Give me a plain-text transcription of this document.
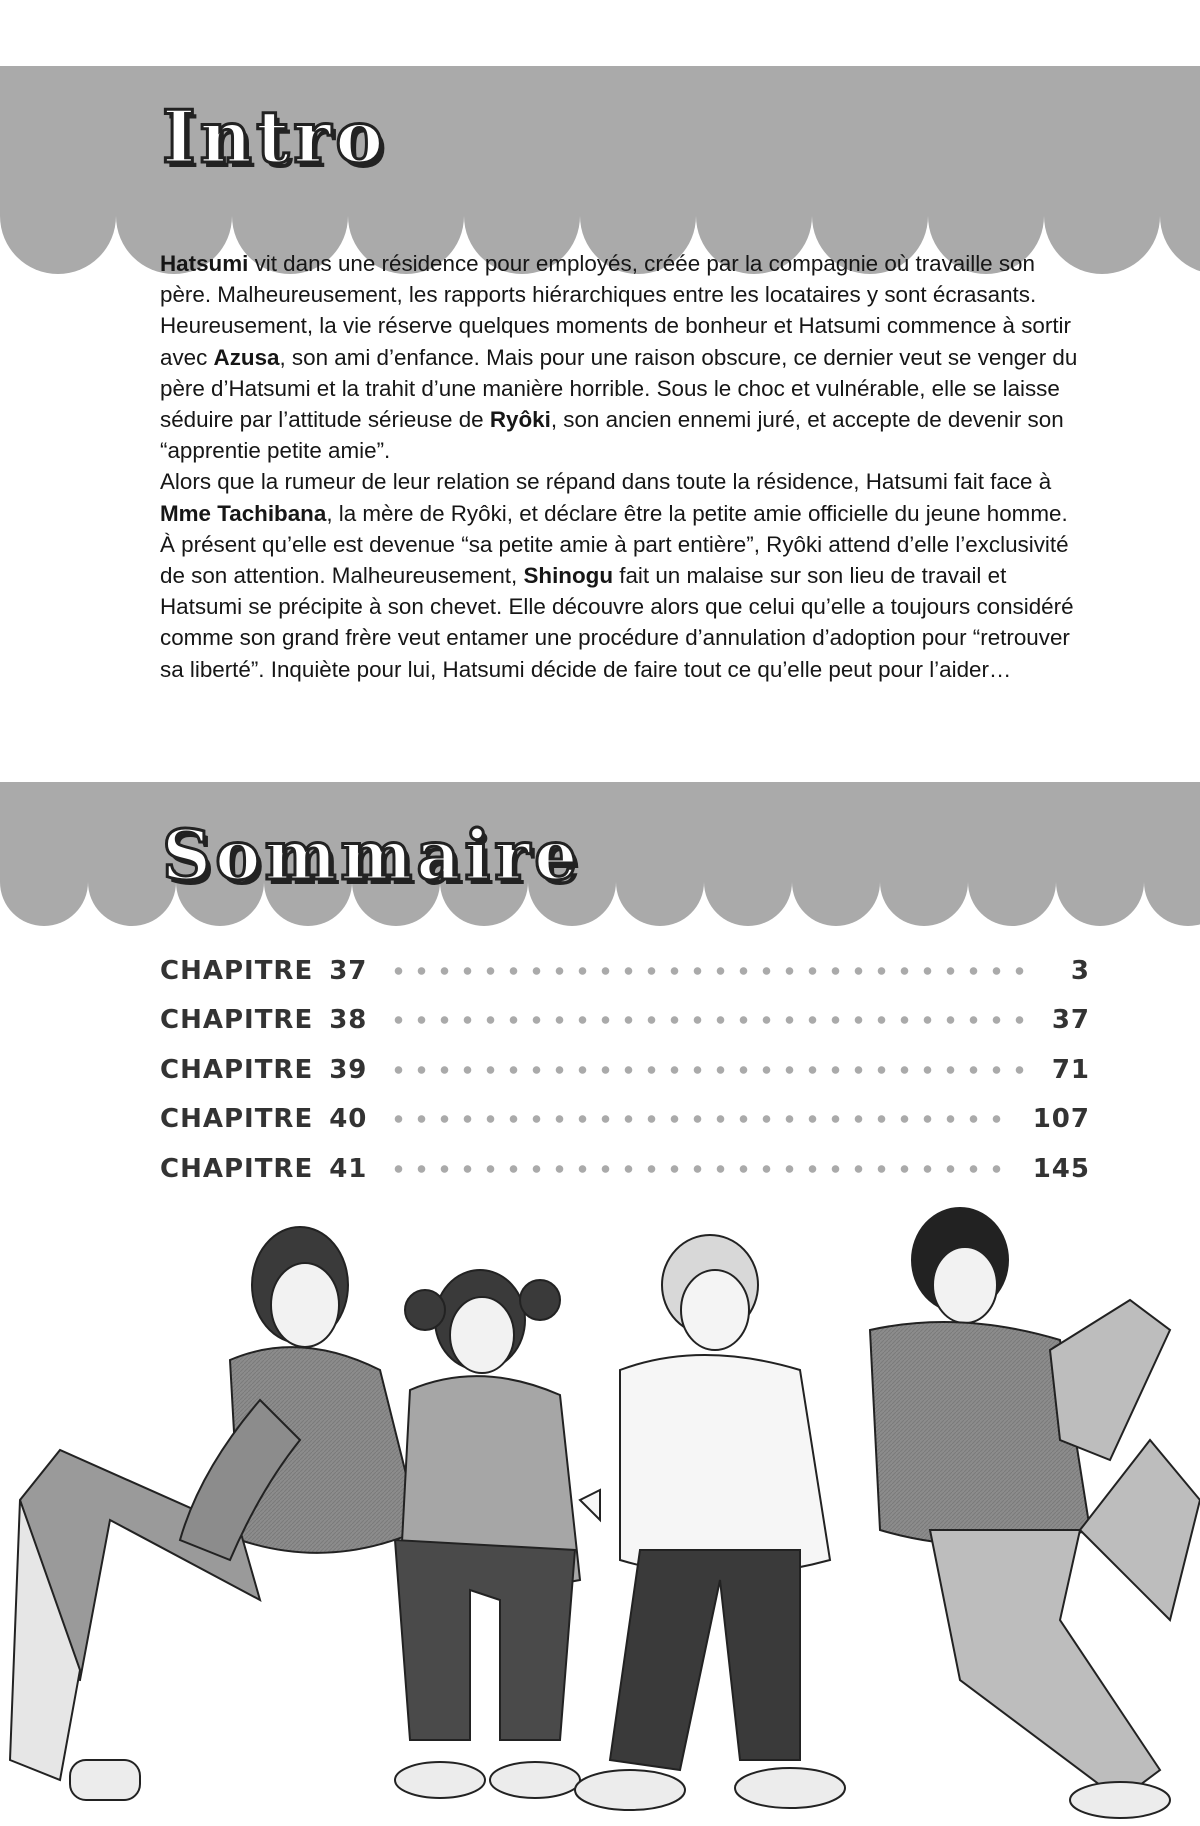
Intro

Hatsumi vit dans une résidence pour employés, créée par la compagnie où travaille son père. Malheureusement, les rapports hiérarchiques entre les locataires y sont écrasants. Heureusement, la vie réserve quelques moments de bonheur et Hatsumi commence à sortir avec Azusa, son ami d’enfance. Mais pour une raison obscure, ce dernier veut se venger du père d’Hatsumi et la trahit d’une manière horrible. Sous le choc et vulnérable, elle se laisse séduire par l’attitude sérieuse de Ryôki, son ancien ennemi juré, et accepte de devenir son “apprentie petite amie”.

Alors que la rumeur de leur relation se répand dans toute la résidence, Hatsumi fait face à Mme Tachibana, la mère de Ryôki, et déclare être la petite amie officielle du jeune homme.

À présent qu’elle est devenue “sa petite amie à part entière”, Ryôki attend d’elle l’exclusivité de son attention. Malheureusement, Shinogu fait un malaise sur son lieu de travail et Hatsumi se précipite à son chevet. Elle découvre alors que celui qu’elle a toujours considéré comme son grand frère veut entamer une procédure d’annulation d’adoption pour “retrouver sa liberté”. Inquiète pour lui, Hatsumi décide de faire tout ce qu’elle peut pour l’aider…

Sommaire
CHAPITRE 37	3
CHAPITRE 38	37
CHAPITRE 39	71
CHAPITRE 40	107
CHAPITRE 41	145
